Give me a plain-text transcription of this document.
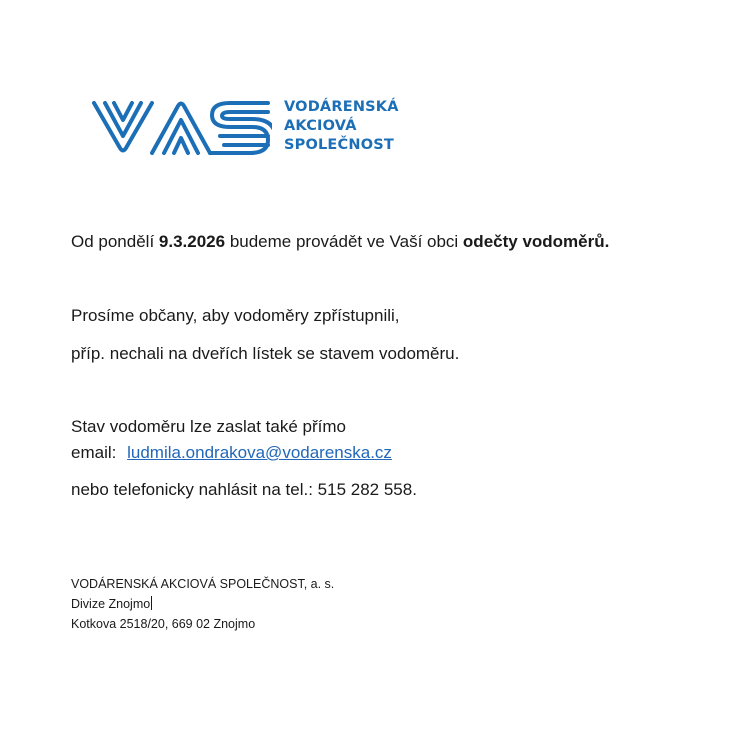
VODÁRENSKÁ
AKCIOVÁ
SPOLEČNOST
Od pondělí 9.3.2026 budeme provádět ve Vaší obci odečty vodoměrů.
Prosíme občany, aby vodoměry zpřístupnili,
příp. nechali na dveřích lístek se stavem vodoměru.
Stav vodoměru lze zaslat také přímo
email: ludmila.ondrakova@vodarenska.cz
nebo telefonicky nahlásit na tel.: 515 282 558.
VODÁRENSKÁ AKCIOVÁ SPOLEČNOST, a. s.
Divize Znojmo
Kotkova 2518/20, 669 02 Znojmo
